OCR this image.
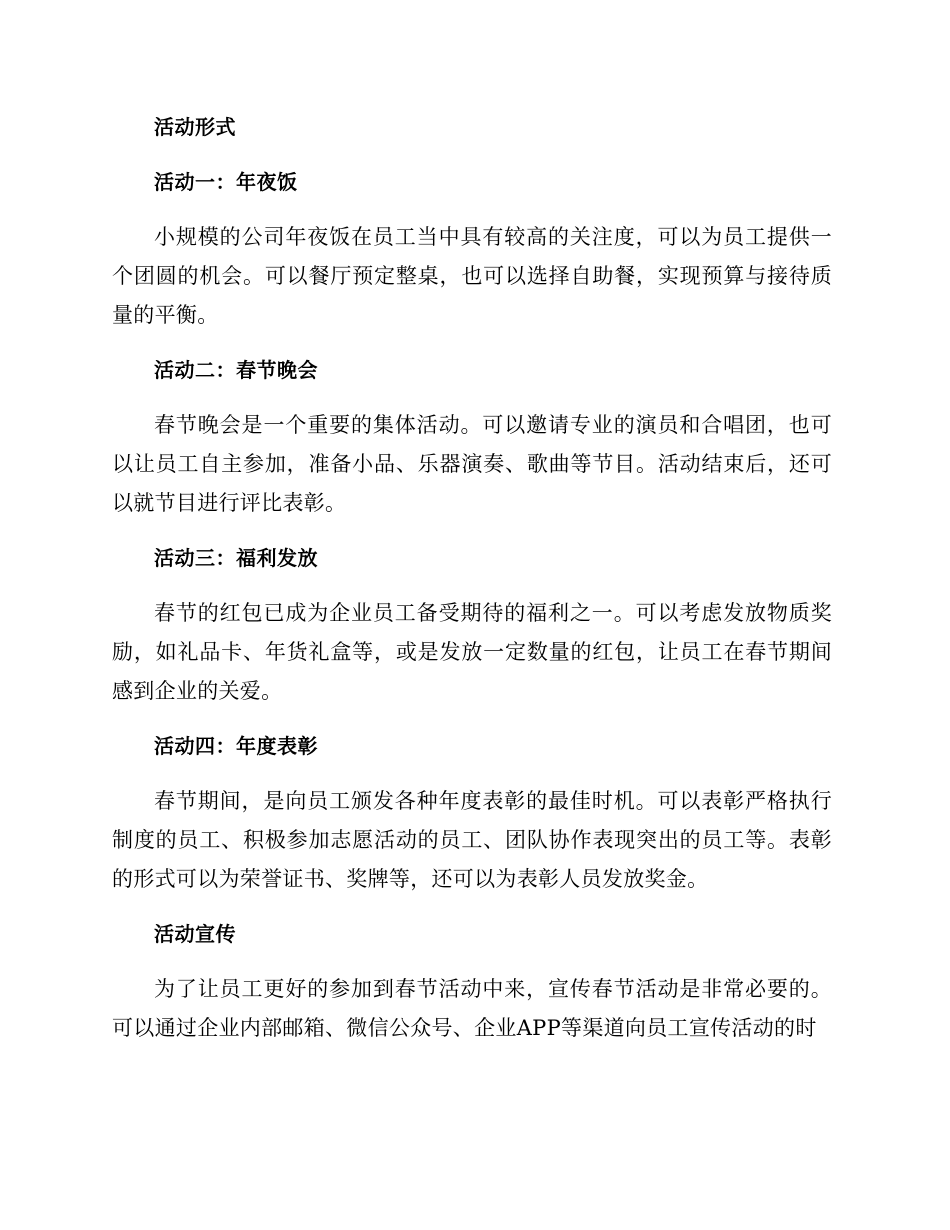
活动形式
活动一：年夜饭
小规模的公司年夜饭在员工当中具有较高的关注度，可以为员工提供一个团圆的机会。可以餐厅预定整桌，也可以选择自助餐，实现预算与接待质量的平衡。
活动二：春节晚会
春节晚会是一个重要的集体活动。可以邀请专业的演员和合唱团，也可以让员工自主参加，准备小品、乐器演奏、歌曲等节目。活动结束后，还可以就节目进行评比表彰。
活动三：福利发放
春节的红包已成为企业员工备受期待的福利之一。可以考虑发放物质奖励，如礼品卡、年货礼盒等，或是发放一定数量的红包，让员工在春节期间感到企业的关爱。
活动四：年度表彰
春节期间，是向员工颁发各种年度表彰的最佳时机。可以表彰严格执行制度的员工、积极参加志愿活动的员工、团队协作表现突出的员工等。表彰的形式可以为荣誉证书、奖牌等，还可以为表彰人员发放奖金。
活动宣传
为了让员工更好的参加到春节活动中来，宣传春节活动是非常必要的。可以通过企业内部邮箱、微信公众号、企业APP等渠道向员工宣传活动的时
